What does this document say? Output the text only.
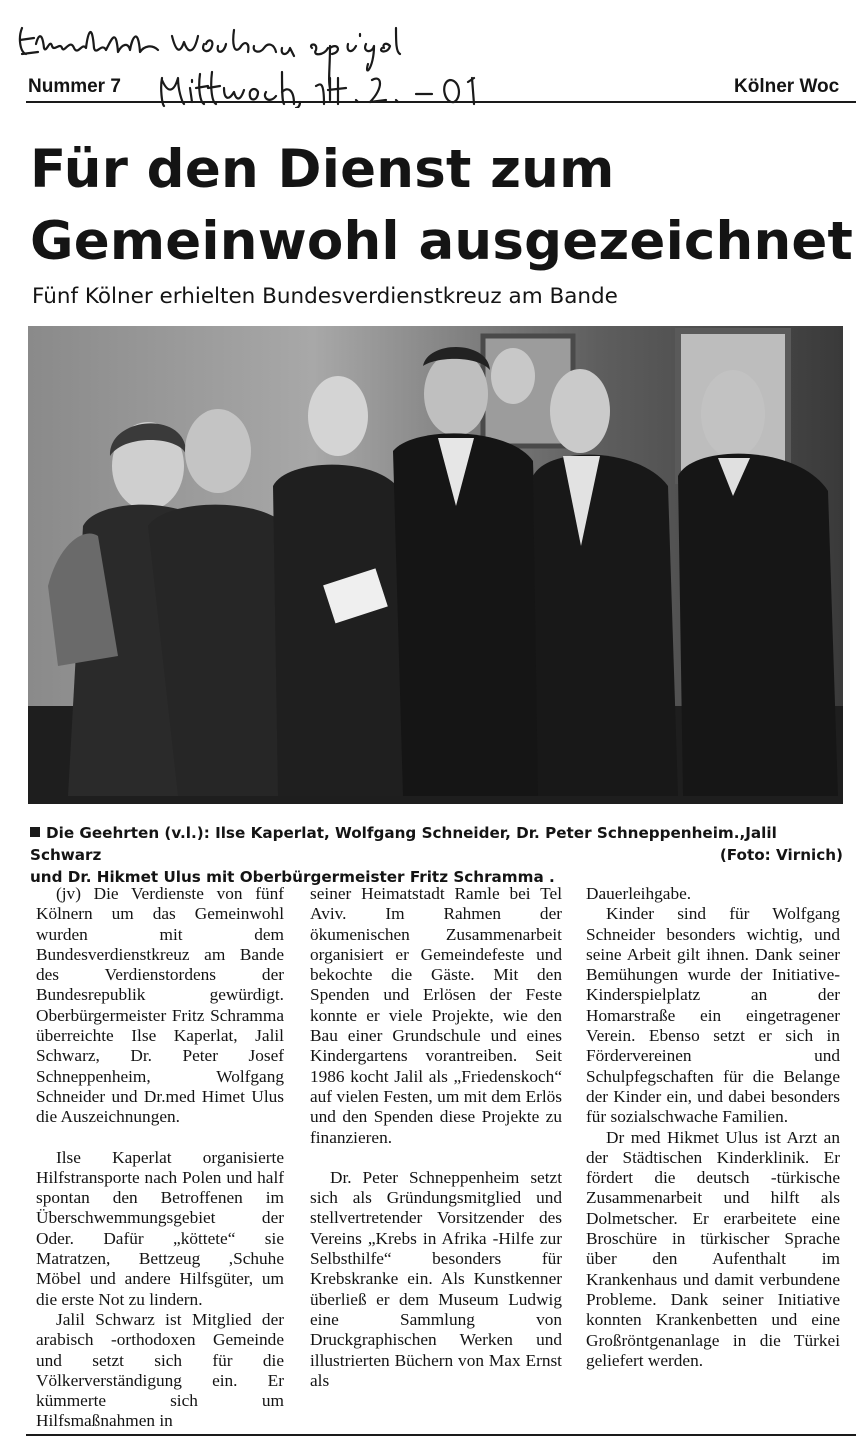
Nummer 7	Kölner Woc
Für den Dienst zum
Gemeinwohl ausgezeichnet
Fünf Kölner erhielten Bundesverdienstkreuz am Bande
Die Geehrten (v.l.): Ilse Kaperlat, Wolfgang Schneider, Dr. Peter Schneppenheim.,Jalil Schwarz
und Dr. Hikmet Ulus mit Oberbürgermeister Fritz Schramma .
(Foto: Virnich)

(jv) Die Verdienste von fünf Kölnern um das Gemeinwohl wurden mit dem Bundesverdienstkreuz am Bande des Verdienstordens der Bundesrepublik gewürdigt. Oberbürgermeister Fritz Schramma überreichte Ilse Kaperlat, Jalil Schwarz, Dr. Peter Josef Schneppenheim, Wolfgang Schneider und Dr.med Himet Ulus die Auszeichnungen.

Ilse Kaperlat organisierte Hilfstransporte nach Polen und half spontan den Betroffenen im Überschwemmungsgebiet der Oder. Dafür „köttete“ sie Matratzen, Bettzeug ,Schuhe Möbel und andere Hilfsgüter, um die erste Not zu lindern.

Jalil Schwarz ist Mitglied der arabisch -orthodoxen Gemeinde und setzt sich für die Völkerverständigung ein. Er kümmerte sich um Hilfsmaßnahmen in

seiner Heimatstadt Ramle bei Tel Aviv. Im Rahmen der ökumenischen Zusammenarbeit organisiert er Gemeindefeste und bekochte die Gäste. Mit den Spenden und Erlösen der Feste konnte er viele Projekte, wie den Bau einer Grundschule und eines Kindergartens vorantreiben. Seit 1986 kocht Jalil als „Friedenskoch“ auf vielen Festen, um mit dem Erlös und den Spenden diese Projekte zu finanzieren.

Dr. Peter Schneppenheim setzt sich als Gründungsmitglied und stellvertretender Vorsitzender des Vereins „Krebs in Afrika -Hilfe zur Selbsthilfe“ besonders für Krebskranke ein. Als Kunstkenner überließ er dem Museum Ludwig eine Sammlung von Druckgraphischen Werken und illustrierten Büchern von Max Ernst als

Dauerleihgabe.

Kinder sind für Wolfgang Schneider besonders wichtig, und seine Arbeit gilt ihnen. Dank seiner Bemühungen wurde der Initiative-Kinderspielplatz an der Homarstraße ein eingetragener Verein. Ebenso setzt er sich in Fördervereinen und Schulpfegschaften für die Belange der Kinder ein, und dabei besonders für sozialschwache Familien.

Dr med Hikmet Ulus ist Arzt an der Städtischen Kinderklinik. Er fördert die deutsch -türkische Zusammenarbeit und hilft als Dolmetscher. Er erarbeitete eine Broschüre in türkischer Sprache über den Aufenthalt im Krankenhaus und damit verbundene Probleme. Dank seiner Initiative konnten Krankenbetten und eine Großröntgenanlage in die Türkei geliefert werden.
